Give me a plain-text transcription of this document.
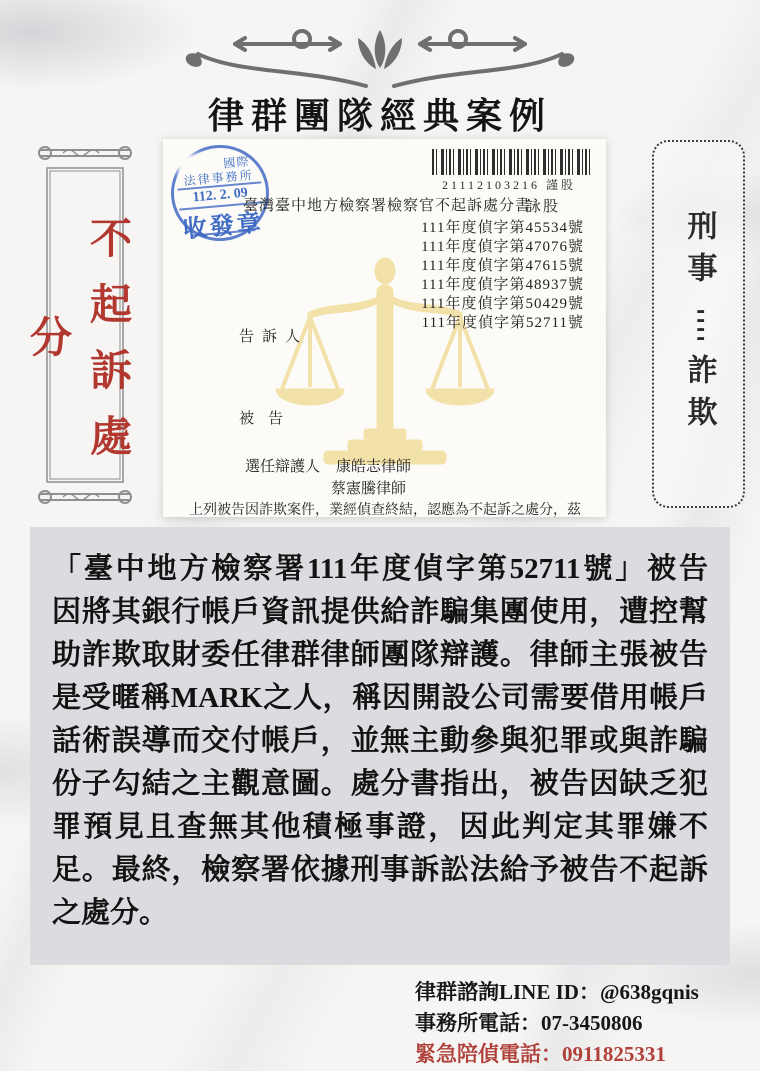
律群團隊經典案例
不起訴處分
國際
法律事務所
112. 2. 09
收發章
21112103216 謹股
臺灣臺中地方檢察署檢察官不起訴處分書
詠股
111年度偵字第45534號
111年度偵字第47076號
111年度偵字第47615號
111年度偵字第48937號
111年度偵字第50429號
111年度偵字第52711號
告訴人
被告
選任辯護人 康皓志律師
蔡憲騰律師
上列被告因詐欺案件，業經偵查終結，認應為不起訴之處分，茲
刑事
----
詐欺
「臺中地方檢察署111年度偵字第52711號」被告
因將其銀行帳戶資訊提供給詐騙集團使用，遭控幫
助詐欺取財委任律群律師團隊辯護。律師主張被告
是受暱稱MARK之人，稱因開設公司需要借用帳戶
話術誤導而交付帳戶，並無主動參與犯罪或與詐騙
份子勾結之主觀意圖。處分書指出，被告因缺乏犯
罪預見且查無其他積極事證，因此判定其罪嫌不
足。最終，檢察署依據刑事訴訟法給予被告不起訴
之處分。
律群諮詢LINE ID：@638gqnis
事務所電話：07-3450806
緊急陪偵電話：0911825331
